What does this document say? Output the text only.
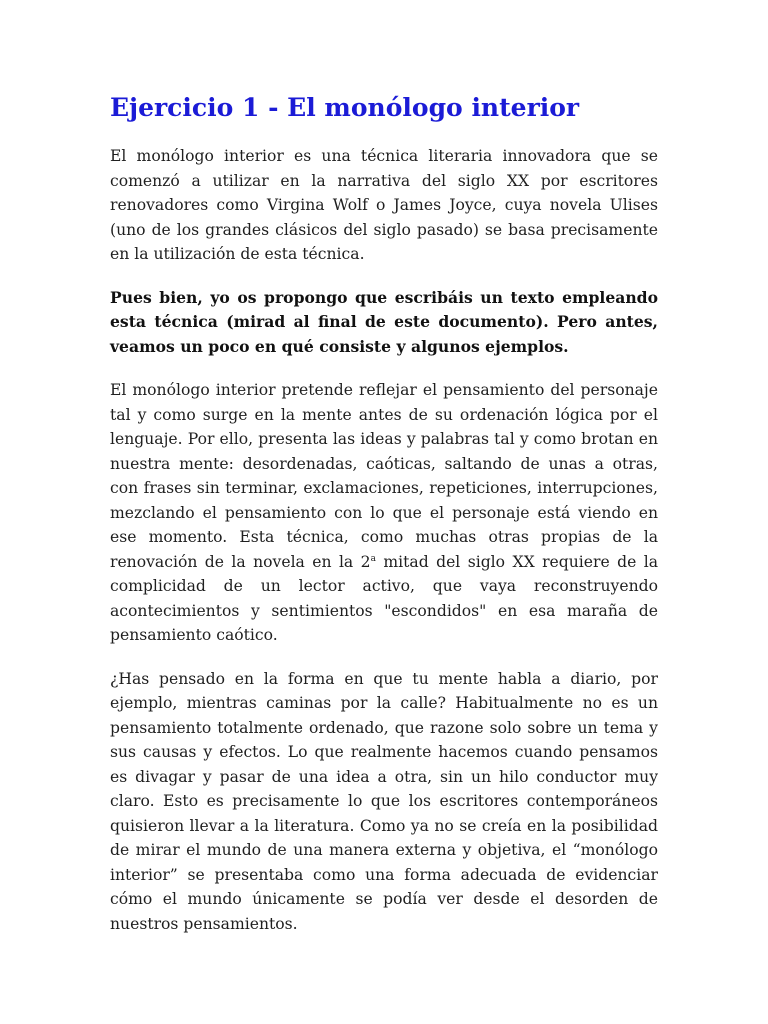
Ejercicio 1 - El monólogo interior

El monólogo interior es una técnica literaria innovadora que se comenzó a utilizar en la narrativa del siglo XX por escritores renovadores como Virgina Wolf o James Joyce, cuya novela Ulises (uno de los grandes clásicos del siglo pasado) se basa precisamente en la utilización de esta técnica.

Pues bien, yo os propongo que escribáis un texto empleando esta técnica (mirad al final de este documento). Pero antes, veamos un poco en qué consiste y algunos ejemplos.

El monólogo interior pretende reflejar el pensamiento del personaje tal y como surge en la mente antes de su ordenación lógica por el lenguaje. Por ello, presenta las ideas y palabras tal y como brotan en nuestra mente: desordenadas, caóticas, saltando de unas a otras, con frases sin terminar, exclamaciones, repeticiones, interrupciones, mezclando el pensamiento con lo que el personaje está viendo en ese momento. Esta técnica, como muchas otras propias de la renovación de la novela en la 2$^a$ mitad del siglo XX requiere de la complicidad de un lector activo, que vaya reconstruyendo acontecimientos y sentimientos "escondidos" en esa maraña de pensamiento caótico.

¿Has pensado en la forma en que tu mente habla a diario, por ejemplo, mientras caminas por la calle? Habitualmente no es un pensamiento totalmente ordenado, que razone solo sobre un tema y sus causas y efectos. Lo que realmente hacemos cuando pensamos es divagar y pasar de una idea a otra, sin un hilo conductor muy claro. Esto es precisamente lo que los escritores contemporáneos quisieron llevar a la literatura. Como ya no se creía en la posibilidad de mirar el mundo de una manera externa y objetiva, el “monólogo interior” se presentaba como una forma adecuada de evidenciar cómo el mundo únicamente se podía ver desde el desorden de nuestros pensamientos.
